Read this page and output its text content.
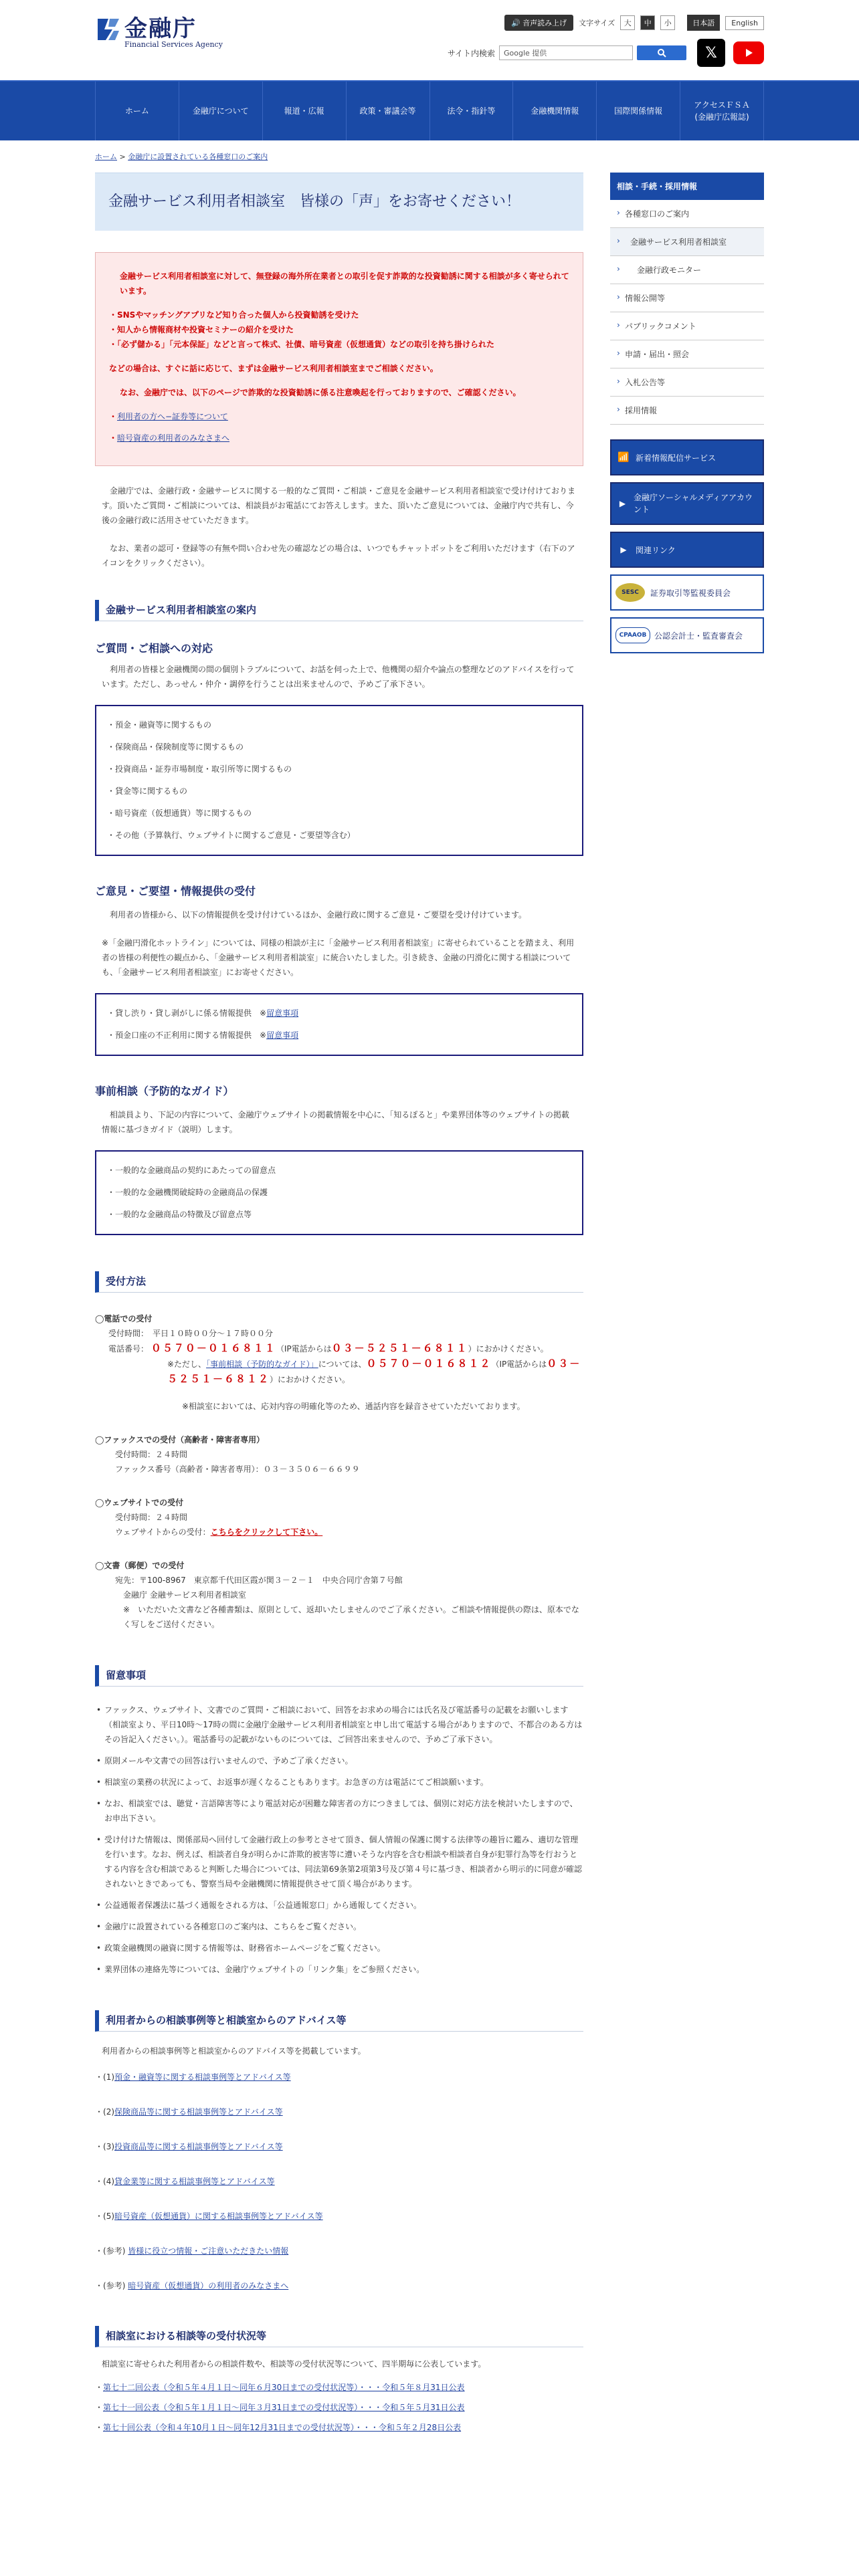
金融庁
Financial Services Agency
🔊 音声読み上げ	文字サイズ	大	中	小	日本語	English
サイト内検索	Google 提供	𝕏
ホーム	金融庁について	報道・広報	政策・審議会等	法令・指針等	金融機関情報	国際関係情報
アクセスＦＳＡ
(金融庁広報誌)
ホーム > 金融庁に設置されている各種窓口のご案内
金融サービス利用者相談室　皆様の「声」をお寄せください！

金融サービス利用者相談室に対して、無登録の海外所在業者との取引を促す詐欺的な投資勧誘に関する相談が多く寄せられています。

・SNSやマッチングアプリなど知り合った個人から投資勧誘を受けた
・知人から情報商材や投資セミナーの紹介を受けた
・「必ず儲かる」「元本保証」などと言って株式、社債、暗号資産（仮想通貨）などの取引を持ち掛けられた

などの場合は、すぐに話に応じて、まずは金融サービス利用者相談室までご相談ください。

なお、金融庁では、以下のページで詐欺的な投資勧誘に係る注意喚起を行っておりますので、ご確認ください。

・利用者の方へ−証券等について
・暗号資産の利用者のみなさまへ

金融庁では、金融行政・金融サービスに関する一般的なご質問・ご相談・ご意見を金融サービス利用者相談室で受け付けております。頂いたご質問・ご相談については、相談員がお電話にてお答えします。また、頂いたご意見については、金融庁内で共有し、今後の金融行政に活用させていただきます。

なお、業者の認可・登録等の有無や問い合わせ先の確認などの場合は、いつでもチャットボットをご利用いただけます（右下のアイコンをクリックください）。

金融サービス利用者相談室の案内
ご質問・ご相談への対応

利用者の皆様と金融機関の間の個別トラブルについて、お話を伺った上で、他機関の紹介や論点の整理などのアドバイスを行っています。ただし、あっせん・仲介・調停を行うことは出来ませんので、予めご了承下さい。

・預金・融資等に関するもの
・保険商品・保険制度等に関するもの
・投資商品・証券市場制度・取引所等に関するもの
・貸金等に関するもの
・暗号資産（仮想通貨）等に関するもの
・その他（予算執行、ウェブサイトに関するご意見・ご要望等含む）
ご意見・ご要望・情報提供の受付

利用者の皆様から、以下の情報提供を受け付けているほか、金融行政に関するご意見・ご要望を受け付けています。

※「金融円滑化ホットライン」については、同様の相談が主に「金融サービス利用者相談室」に寄せられていることを踏まえ、利用者の皆様の利便性の観点から、「金融サービス利用者相談室」に統合いたしました。引き続き、金融の円滑化に関する相談についても、「金融サービス利用者相談室」にお寄せください。

・貸し渋り・貸し剥がしに係る情報提供　※留意事項
・預金口座の不正利用に関する情報提供　※留意事項
事前相談（予防的なガイド）

相談員より、下記の内容について、金融庁ウェブサイトの掲載情報を中心に、「知るぽると」や業界団体等のウェブサイトの掲載情報に基づきガイド（説明）します。

・一般的な金融商品の契約にあたっての留意点
・一般的な金融機関破綻時の金融商品の保護
・一般的な金融商品の特徴及び留意点等
受付方法
◯電話での受付
受付時間：　平日１０時００分～１７時００分
電話番号： ０５７０－０１６８１１（IP電話からは０３－５２５１－６８１１）におかけください。
※ただし、「事前相談（予防的なガイド）」については、０５７０－０１６８１２（IP電話からは０３－５２５１－６８１２）におかけください。
※相談室においては、応対内容の明確化等のため、通話内容を録音させていただいております。
◯ファックスでの受付（高齢者・障害者専用）
受付時間：２４時間
ファックス番号（高齢者・障害者専用）：０３－３５０６－６６９９
◯ウェブサイトでの受付
受付時間：２４時間
ウェブサイトからの受付：こちらをクリックして下さい。
◯文書（郵便）での受付
宛先：〒100-8967　東京都千代田区霞が関３－２－１　中央合同庁舎第７号館
金融庁 金融サービス利用者相談室
※　いただいた文書など各種書類は、原則として、返却いたしませんのでご了承ください。ご相談や情報提供の際は、原本でなく写しをご送付ください。
留意事項
• ファックス、ウェブサイト、文書でのご質問・ご相談において、回答をお求めの場合には氏名及び電話番号の記載をお願いします（相談室より、平日10時～17時の間に金融庁金融サービス利用者相談室と申し出て電話する場合がありますので、不都合のある方はその旨記入ください。）。電話番号の記載がないものについては、ご回答出来ませんので、予めご了承下さい。
• 原則メールや文書での回答は行いませんので、予めご了承ください。
• 相談室の業務の状況によって、お返事が遅くなることもあります。お急ぎの方は電話にてご相談願います。
• なお、相談室では、聴覚・言語障害等により電話対応が困難な障害者の方につきましては、個別に対応方法を検討いたしますので、お申出下さい。
• 受け付けた情報は、関係部局へ回付して金融行政上の参考とさせて頂き、個人情報の保護に関する法律等の趣旨に鑑み、適切な管理を行います。なお、例えば、相談者自身が明らかに詐欺的被害等に遭いそうな内容を含む相談や相談者自身が犯罪行為等を行おうとする内容を含む相談であると判断した場合については、同法第69条第2項第3号及び第４号に基づき、相談者から明示的に同意が確認されないときであっても、警察当局や金融機関に情報提供させて頂く場合があります。
• 公益通報者保護法に基づく通報をされる方は、「公益通報窓口」から通報してください。
• 金融庁に設置されている各種窓口のご案内は、こちらをご覧ください。
• 政策金融機関の融資に関する情報等は、財務省ホームページをご覧ください。
• 業界団体の連絡先等については、金融庁ウェブサイトの「リンク集」をご参照ください。
利用者からの相談事例等と相談室からのアドバイス等

利用者からの相談事例等と相談室からのアドバイス等を掲載しています。

・(1)預金・融資等に関する相談事例等とアドバイス等
・(2)保険商品等に関する相談事例等とアドバイス等
・(3)投資商品等に関する相談事例等とアドバイス等
・(4)貸金業等に関する相談事例等とアドバイス等
・(5)暗号資産（仮想通貨）に関する相談事例等とアドバイス等
・(参考) 皆様に役立つ情報・ご注意いただきたい情報
・(参考) 暗号資産（仮想通貨）の利用者のみなさまへ
相談室における相談等の受付状況等

相談室に寄せられた利用者からの相談件数や、相談等の受付状況等について、四半期毎に公表しています。

・第七十二回公表（令和５年４月１日～同年６月30日までの受付状況等）・・・令和５年８月31日公表
・第七十一回公表（令和５年１月１日～同年３月31日までの受付状況等）・・・令和５年５月31日公表
・第七十回公表（令和４年10月１日～同年12月31日までの受付状況等）・・・令和５年２月28日公表
相談・手続・採用情報
› 各種窓口のご案内
› 金融サービス利用者相談室
› 金融行政モニター
› 情報公開等
› パブリックコメント
› 申請・届出・照会
› 入札公告等
› 採用情報
📶 新着情報配信サービス
▶
金融庁ソーシャルメディアアカウント
▶	関連リンク
SESC	証券取引等監視委員会
CPAAOB 公認会計士・監査審査会
